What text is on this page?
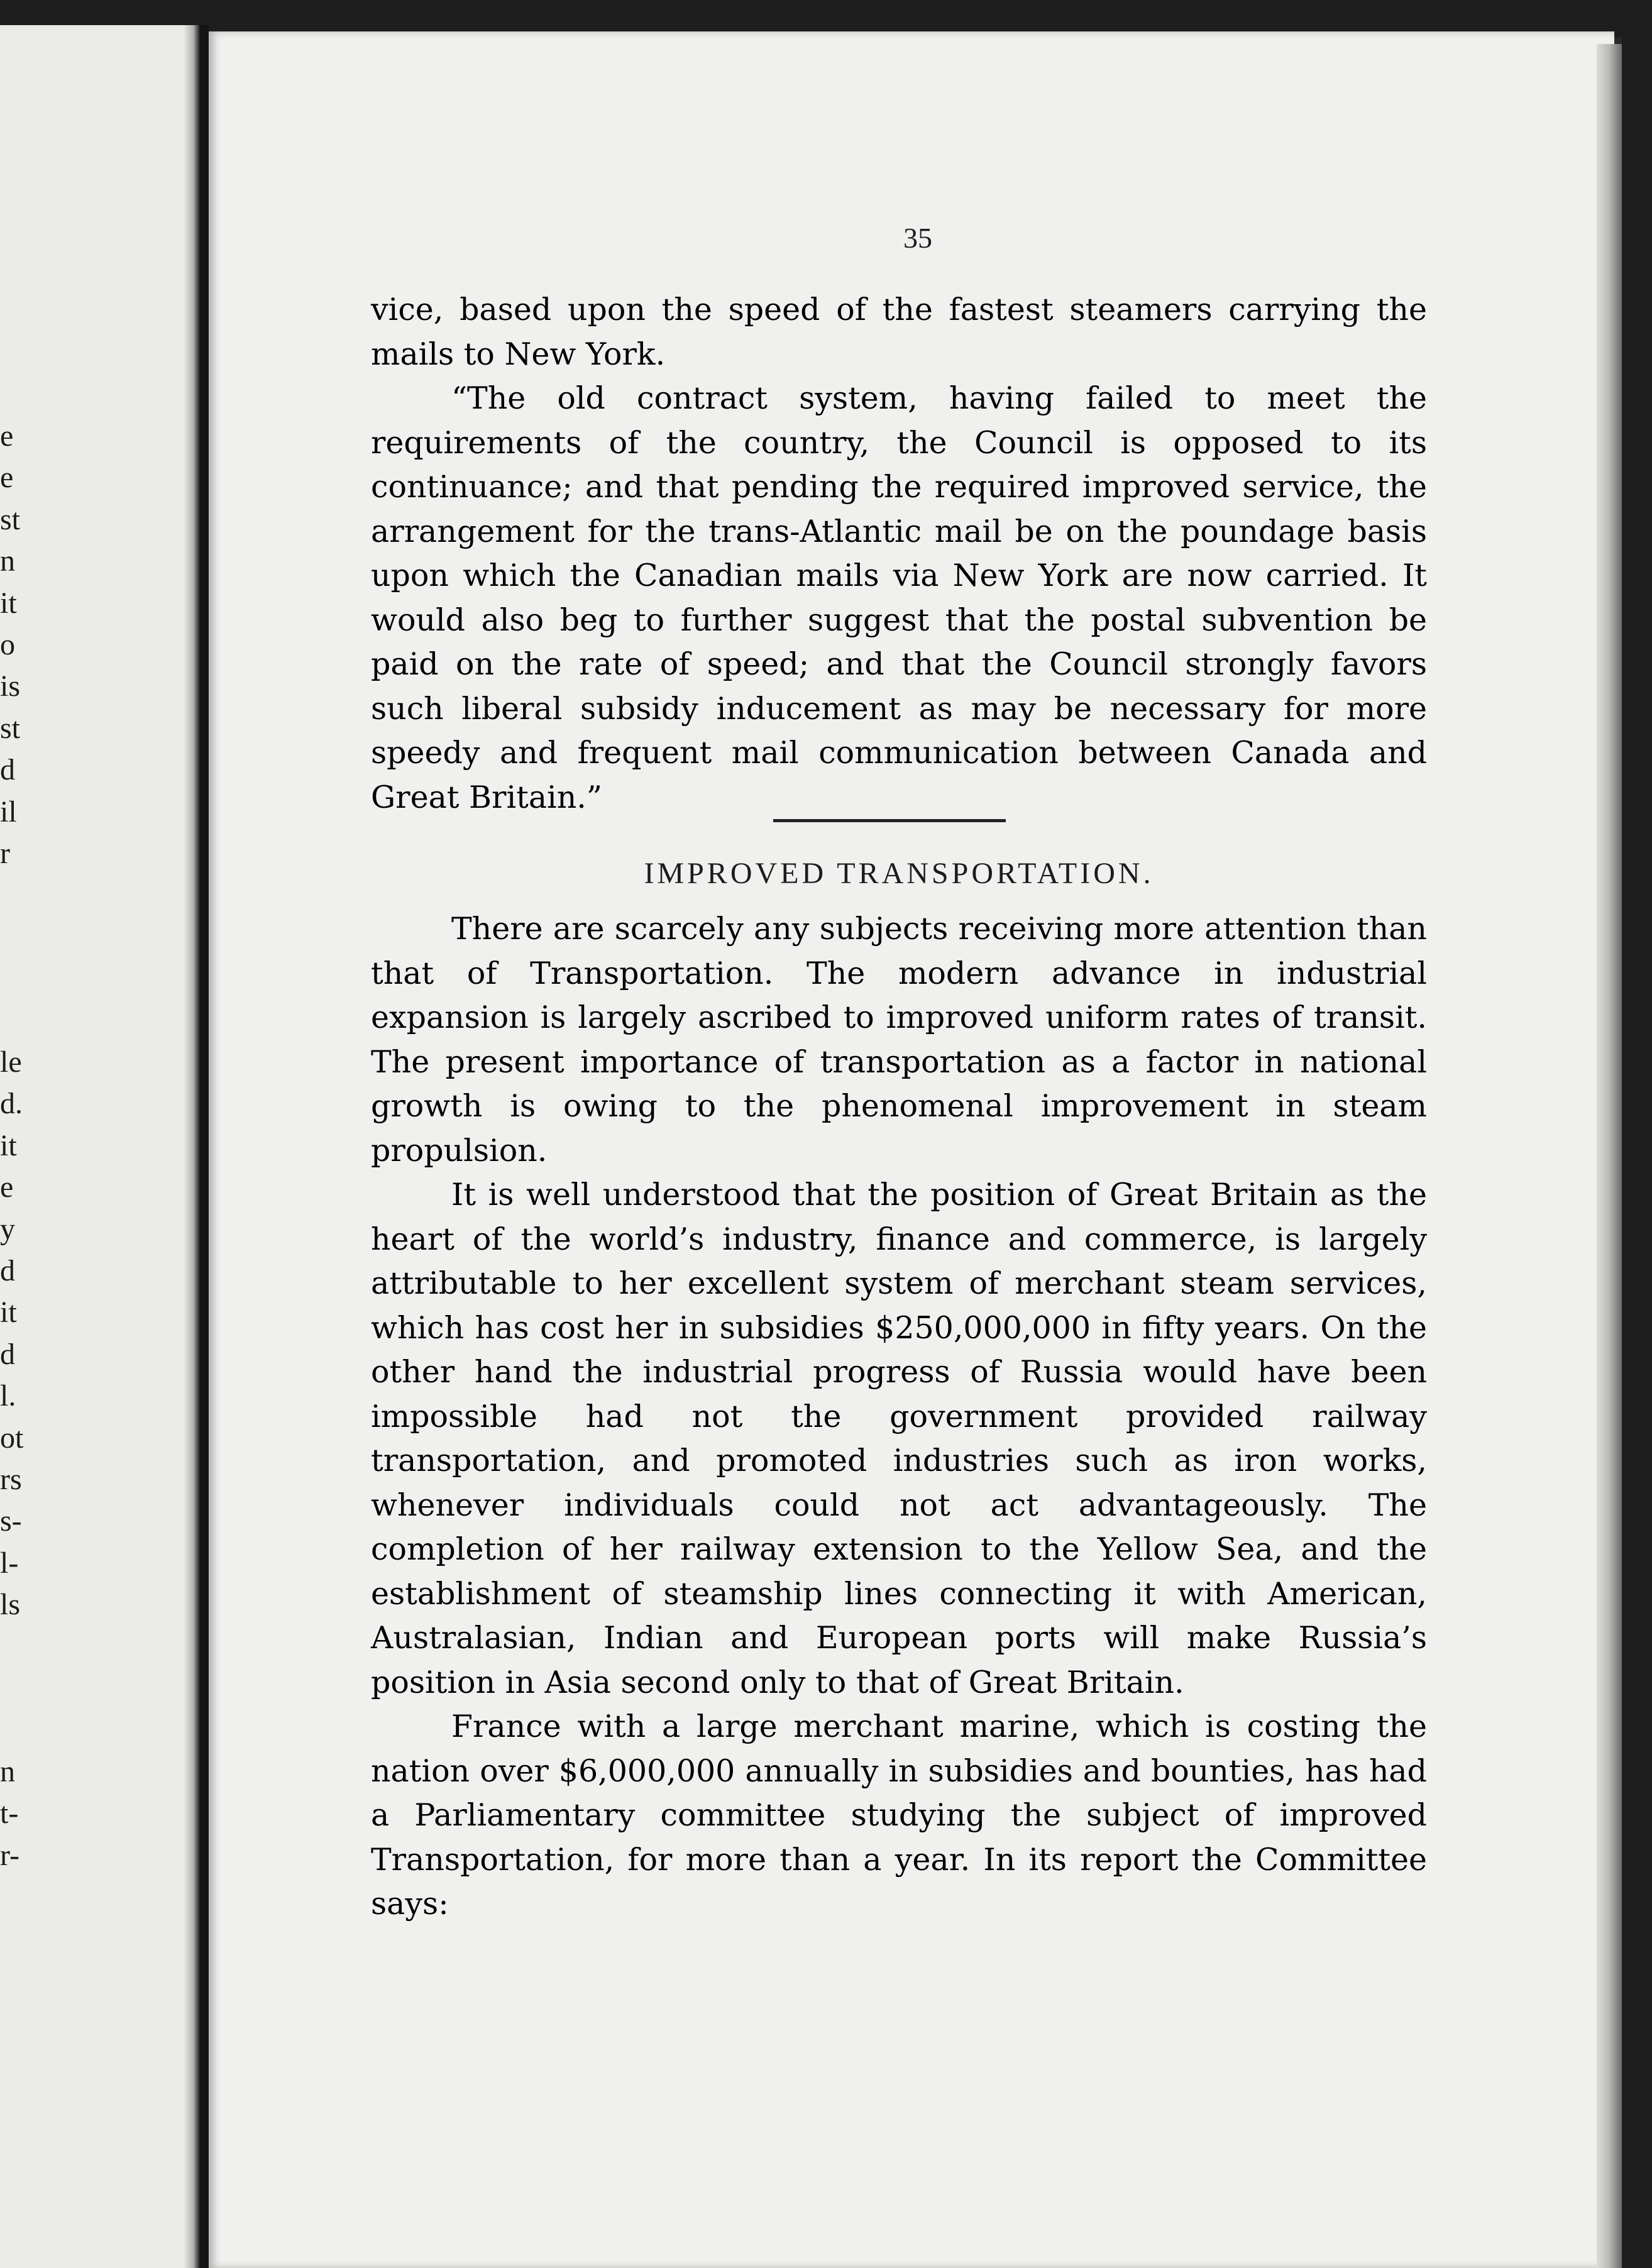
e
e
st
n
it
o
is
st
d
il
r
le
d.
it
e
y
d
it
d
l.
ot
rs
s-
l-
ls
n
t-
r-
35

vice, based upon the speed of the fastest steamers carrying the mails to New York.

“The old contract system, having failed to meet the requirements of the country, the Council is opposed to its continuance; and that pending the required improved service, the arrangement for the trans-Atlantic mail be on the poundage basis upon which the Canadian mails via New York are now carried. It would also beg to further suggest that the postal subvention be paid on the rate of speed; and that the Council strongly favors such liberal subsidy inducement as may be necessary for more speedy and frequent mail communication between Canada and Great Britain.”

IMPROVED TRANSPORTATION.

There are scarcely any subjects receiving more attention than that of Transportation. The modern advance in industrial expansion is largely ascribed to improved uniform rates of transit. The present importance of transportation as a factor in national growth is owing to the phenomenal improvement in steam propulsion.

It is well understood that the position of Great Britain as the heart of the world’s industry, finance and commerce, is largely attributable to her excellent system of merchant steam services, which has cost her in subsidies $250,000,000 in fifty years. On the other hand the industrial progress of Russia would have been impossible had not the government provided railway transportation, and promoted industries such as iron works, whenever individuals could not act advantageously. The completion of her railway extension to the Yellow Sea, and the establishment of steamship lines connecting it with American, Australasian, Indian and European ports will make Russia’s position in Asia second only to that of Great Britain.

France with a large merchant marine, which is costing the nation over $6,000,000 annually in subsidies and bounties, has had a Parliamentary committee studying the subject of improved Transportation, for more than a year. In its report the Committee says:
